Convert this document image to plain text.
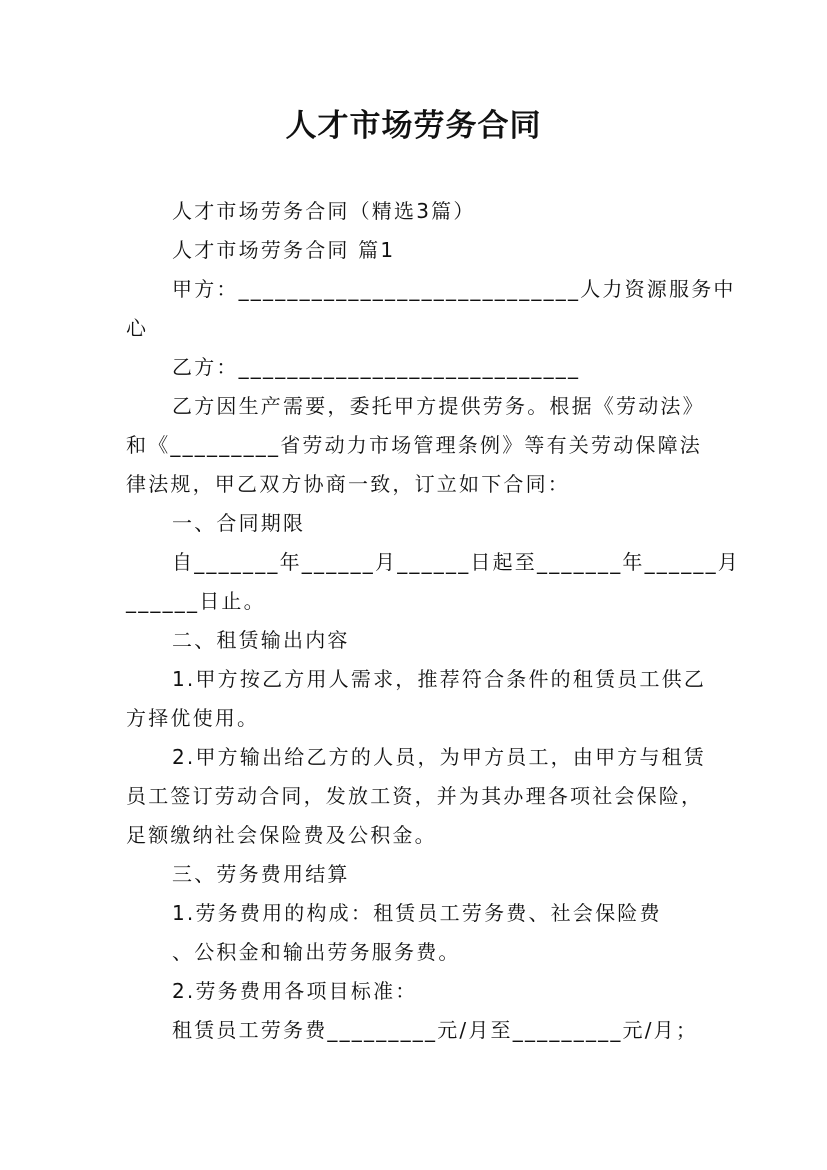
人才市场劳务合同
人才市场劳务合同（精选3篇）
人才市场劳务合同 篇1
甲方：____________________________人力资源服务中
心
乙方：____________________________
乙方因生产需要，委托甲方提供劳务。根据《劳动法》
和《_________省劳动力市场管理条例》等有关劳动保障法
律法规，甲乙双方协商一致，订立如下合同：
一、合同期限
自_______年______月______日起至_______年______月
______日止。
二、租赁输出内容
1.甲方按乙方用人需求，推荐符合条件的租赁员工供乙
方择优使用。
2.甲方输出给乙方的人员，为甲方员工，由甲方与租赁
员工签订劳动合同，发放工资，并为其办理各项社会保险，
足额缴纳社会保险费及公积金。
三、劳务费用结算
1.劳务费用的构成：租赁员工劳务费、社会保险费
、公积金和输出劳务服务费。
2.劳务费用各项目标准：
租赁员工劳务费_________元/月至_________元/月；
